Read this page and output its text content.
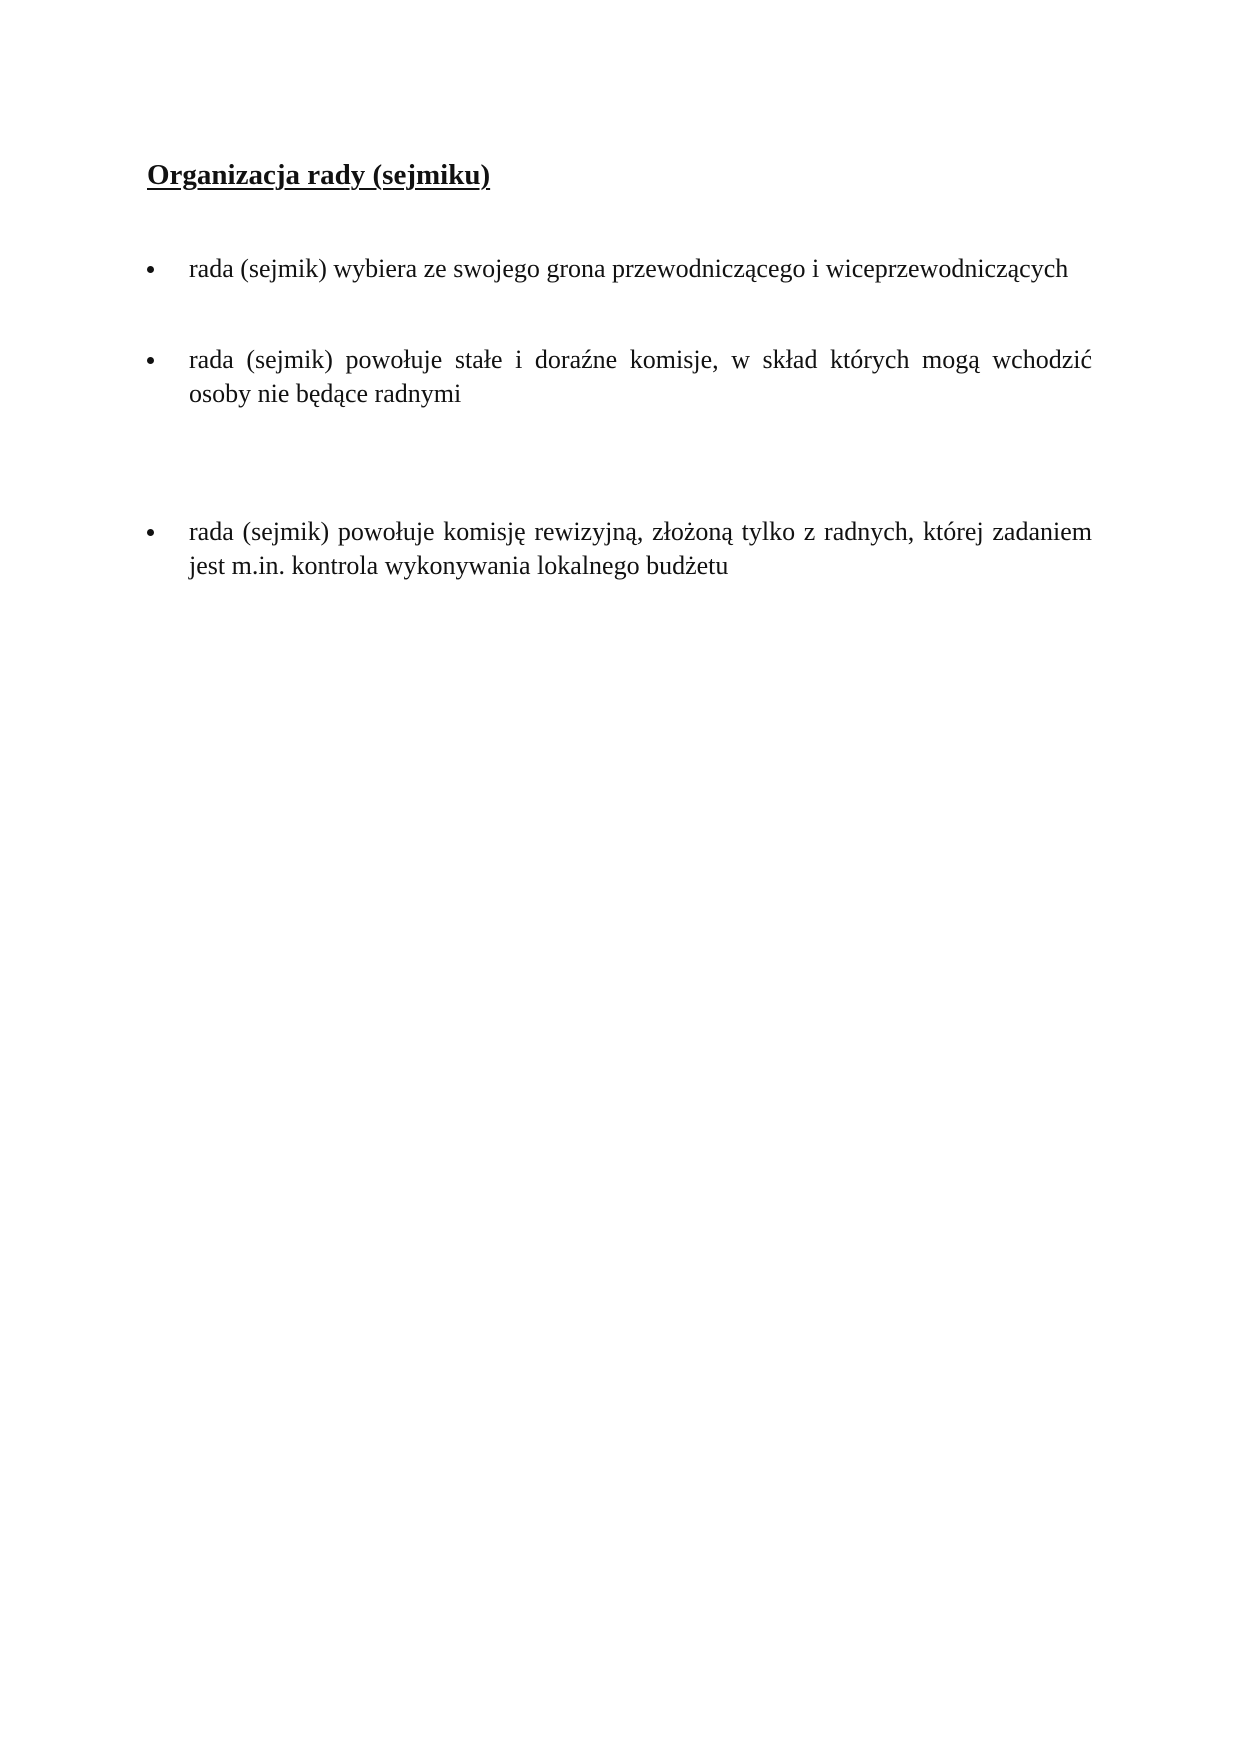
Organizacja rady (sejmiku)
rada (sejmik) wybiera ze swojego grona przewodniczącego i wiceprzewodniczących
rada (sejmik) powołuje stałe i doraźne komisje, w skład których mogą wchodzić osoby nie będące radnymi
rada (sejmik) powołuje komisję rewizyjną, złożoną tylko z radnych, której zadaniem jest m.in. kontrola wykonywania lokalnego budżetu
